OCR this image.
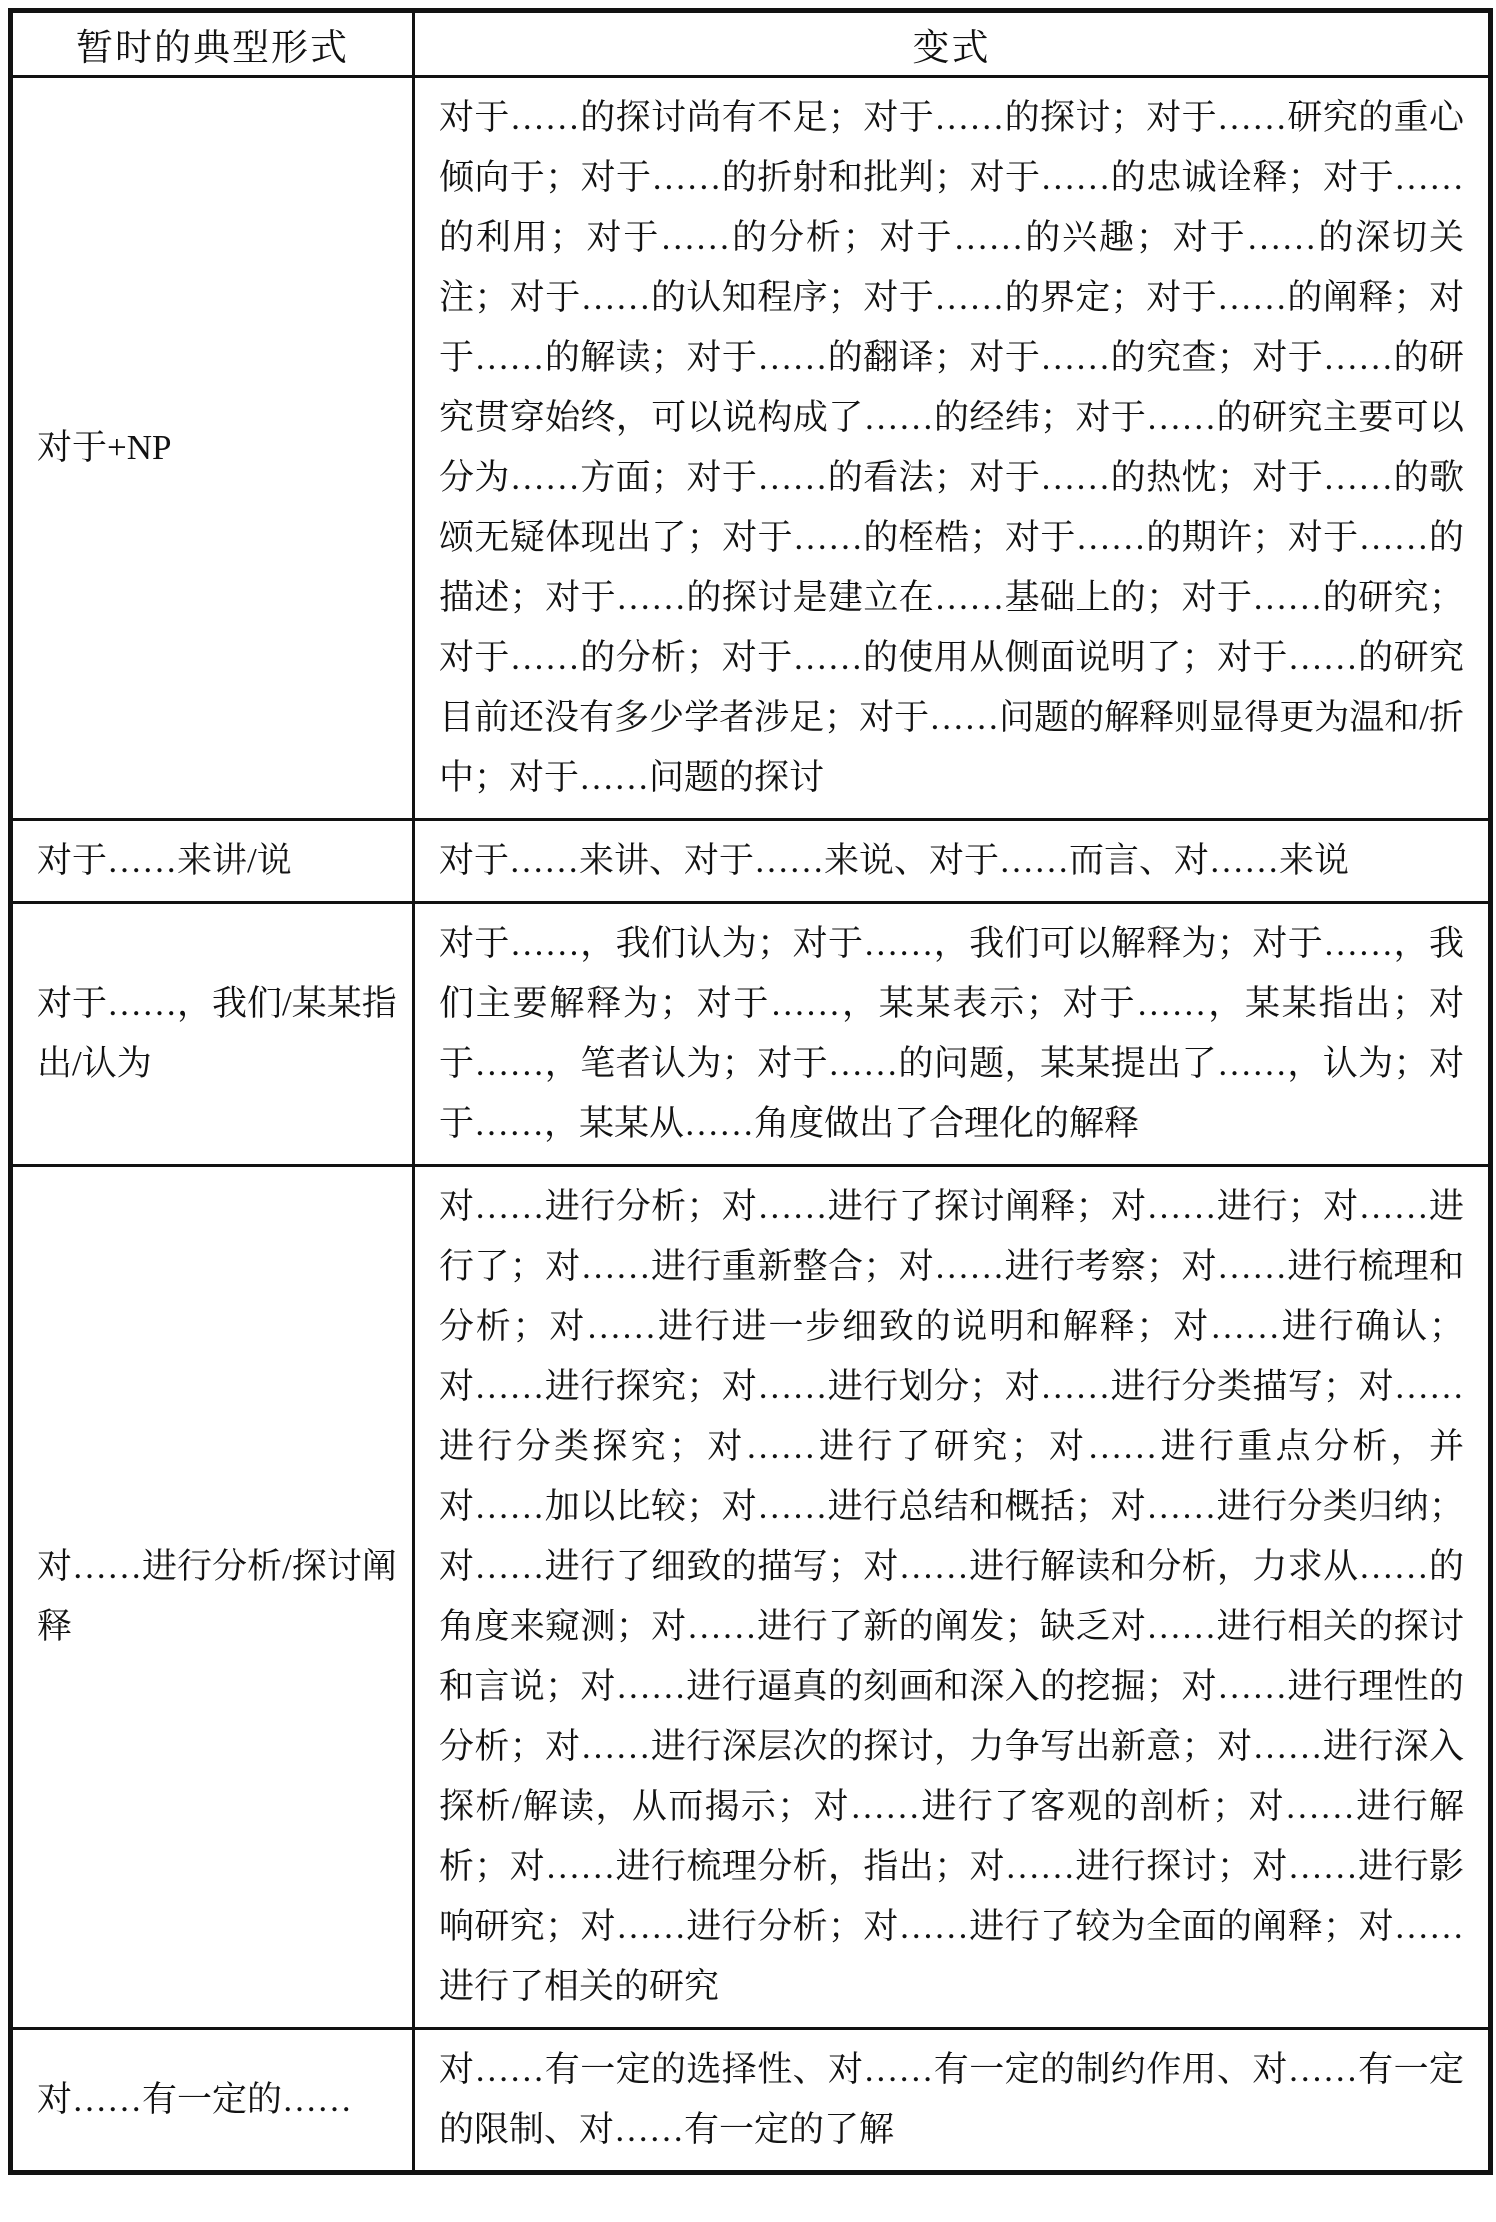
暂时的典型形式	变式
对于+NP	对于……的探讨尚有不足；对于……的探讨；对于……研究的重心倾向于；对于……的折射和批判；对于……的忠诚诠释；对于……的利用；对于……的分析；对于……的兴趣；对于……的深切关注；对于……的认知程序；对于……的界定；对于……的阐释；对于……的解读；对于……的翻译；对于……的究查；对于……的研究贯穿始终，可以说构成了……的经纬；对于……的研究主要可以分为……方面；对于……的看法；对于……的热忱；对于……的歌颂无疑体现出了；对于……的桎梏；对于……的期许；对于……的描述；对于……的探讨是建立在……基础上的；对于……的研究；对于……的分析；对于……的使用从侧面说明了；对于……的研究目前还没有多少学者涉足；对于……问题的解释则显得更为温和/折中；对于……问题的探讨
对于……来讲/说	对于……来讲、对于……来说、对于……而言、对……来说
对于……，我们/某某指出/认为	对于……，我们认为；对于……，我们可以解释为；对于……，我们主要解释为；对于……，某某表示；对于……，某某指出；对于……，笔者认为；对于……的问题，某某提出了……，认为；对于……，某某从……角度做出了合理化的解释
对……进行分析/探讨阐释	对……进行分析；对……进行了探讨阐释；对……进行；对……进行了；对……进行重新整合；对……进行考察；对……进行梳理和分析；对……进行进一步细致的说明和解释；对……进行确认；对……进行探究；对……进行划分；对……进行分类描写；对……进行分类探究；对……进行了研究；对……进行重点分析，并对……加以比较；对……进行总结和概括；对……进行分类归纳；对……进行了细致的描写；对……进行解读和分析，力求从……的角度来窥测；对……进行了新的阐发；缺乏对……进行相关的探讨和言说；对……进行逼真的刻画和深入的挖掘；对……进行理性的分析；对……进行深层次的探讨，力争写出新意；对……进行深入探析/解读，从而揭示；对……进行了客观的剖析；对……进行解析；对……进行梳理分析，指出；对……进行探讨；对……进行影响研究；对……进行分析；对……进行了较为全面的阐释；对……进行了相关的研究
对……有一定的……	对……有一定的选择性、对……有一定的制约作用、对……有一定的限制、对……有一定的了解
